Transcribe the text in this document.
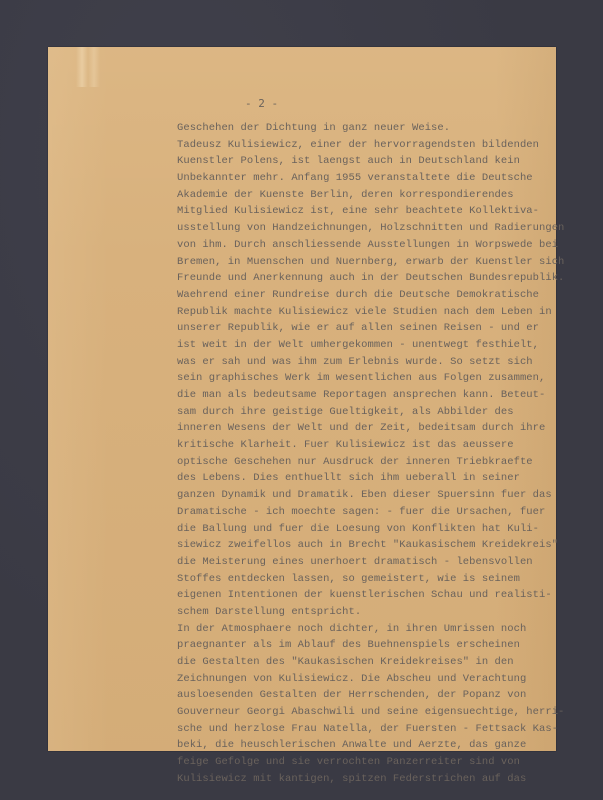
- 2 -
Geschehen der Dichtung in ganz neuer Weise.
Tadeusz Kulisiewicz, einer der hervorragendsten bildenden
Kuenstler Polens, ist laengst auch in Deutschland kein
Unbekannter mehr. Anfang 1955 veranstaltete die Deutsche
Akademie der Kuenste Berlin, deren korrespondierendes
Mitglied Kulisiewicz ist, eine sehr beachtete Kollektiva-
usstellung von Handzeichnungen, Holzschnitten und Radierungen
von ihm. Durch anschliessende Ausstellungen in Worpswede bei
Bremen, in Muenschen und Nuernberg, erwarb der Kuenstler sich
Freunde und Anerkennung auch in der Deutschen Bundesrepublik.
Waehrend einer Rundreise durch die Deutsche Demokratische
Republik machte Kulisiewicz viele Studien nach dem Leben in
unserer Republik, wie er auf allen seinen Reisen - und er
ist weit in der Welt umhergekommen - unentwegt festhielt,
was er sah und was ihm zum Erlebnis wurde. So setzt sich
sein graphisches Werk im wesentlichen aus Folgen zusammen,
die man als bedeutsame Reportagen ansprechen kann. Beteut-
sam durch ihre geistige Gueltigkeit, als Abbilder des
inneren Wesens der Welt und der Zeit, bedeitsam durch ihre
kritische Klarheit. Fuer Kulisiewicz ist das aeussere
optische Geschehen nur Ausdruck der inneren Triebkraefte
des Lebens. Dies enthuellt sich ihm ueberall in seiner
ganzen Dynamik und Dramatik. Eben dieser Spuersinn fuer das
Dramatische - ich moechte sagen: - fuer die Ursachen, fuer
die Ballung und fuer die Loesung von Konflikten hat Kuli-
siewicz zweifellos auch in Brecht "Kaukasischem Kreidekreis"
die Meisterung eines unerhoert dramatisch - lebensvollen
Stoffes entdecken lassen, so gemeistert, wie is seinem
eigenen Intentionen der kuenstlerischen Schau und realisti-
schem Darstellung entspricht.
In der Atmosphaere noch dichter, in ihren Umrissen noch
praegnanter als im Ablauf des Buehnenspiels erscheinen
die Gestalten des "Kaukasischen Kreidekreises" in den
Zeichnungen von Kulisiewicz. Die Abscheu und Verachtung
ausloesenden Gestalten der Herrschenden, der Popanz von
Gouverneur Georgi Abaschwili und seine eigensuechtige, herri-
sche und herzlose Frau Natella, der Fuersten - Fettsack Kas-
beki, die heuschlerischen Anwalte und Aerzte, das ganze
feige Gefolge und sie verrochten Panzerreiter sind von
Kulisiewicz mit kantigen, spitzen Federstrichen auf das
